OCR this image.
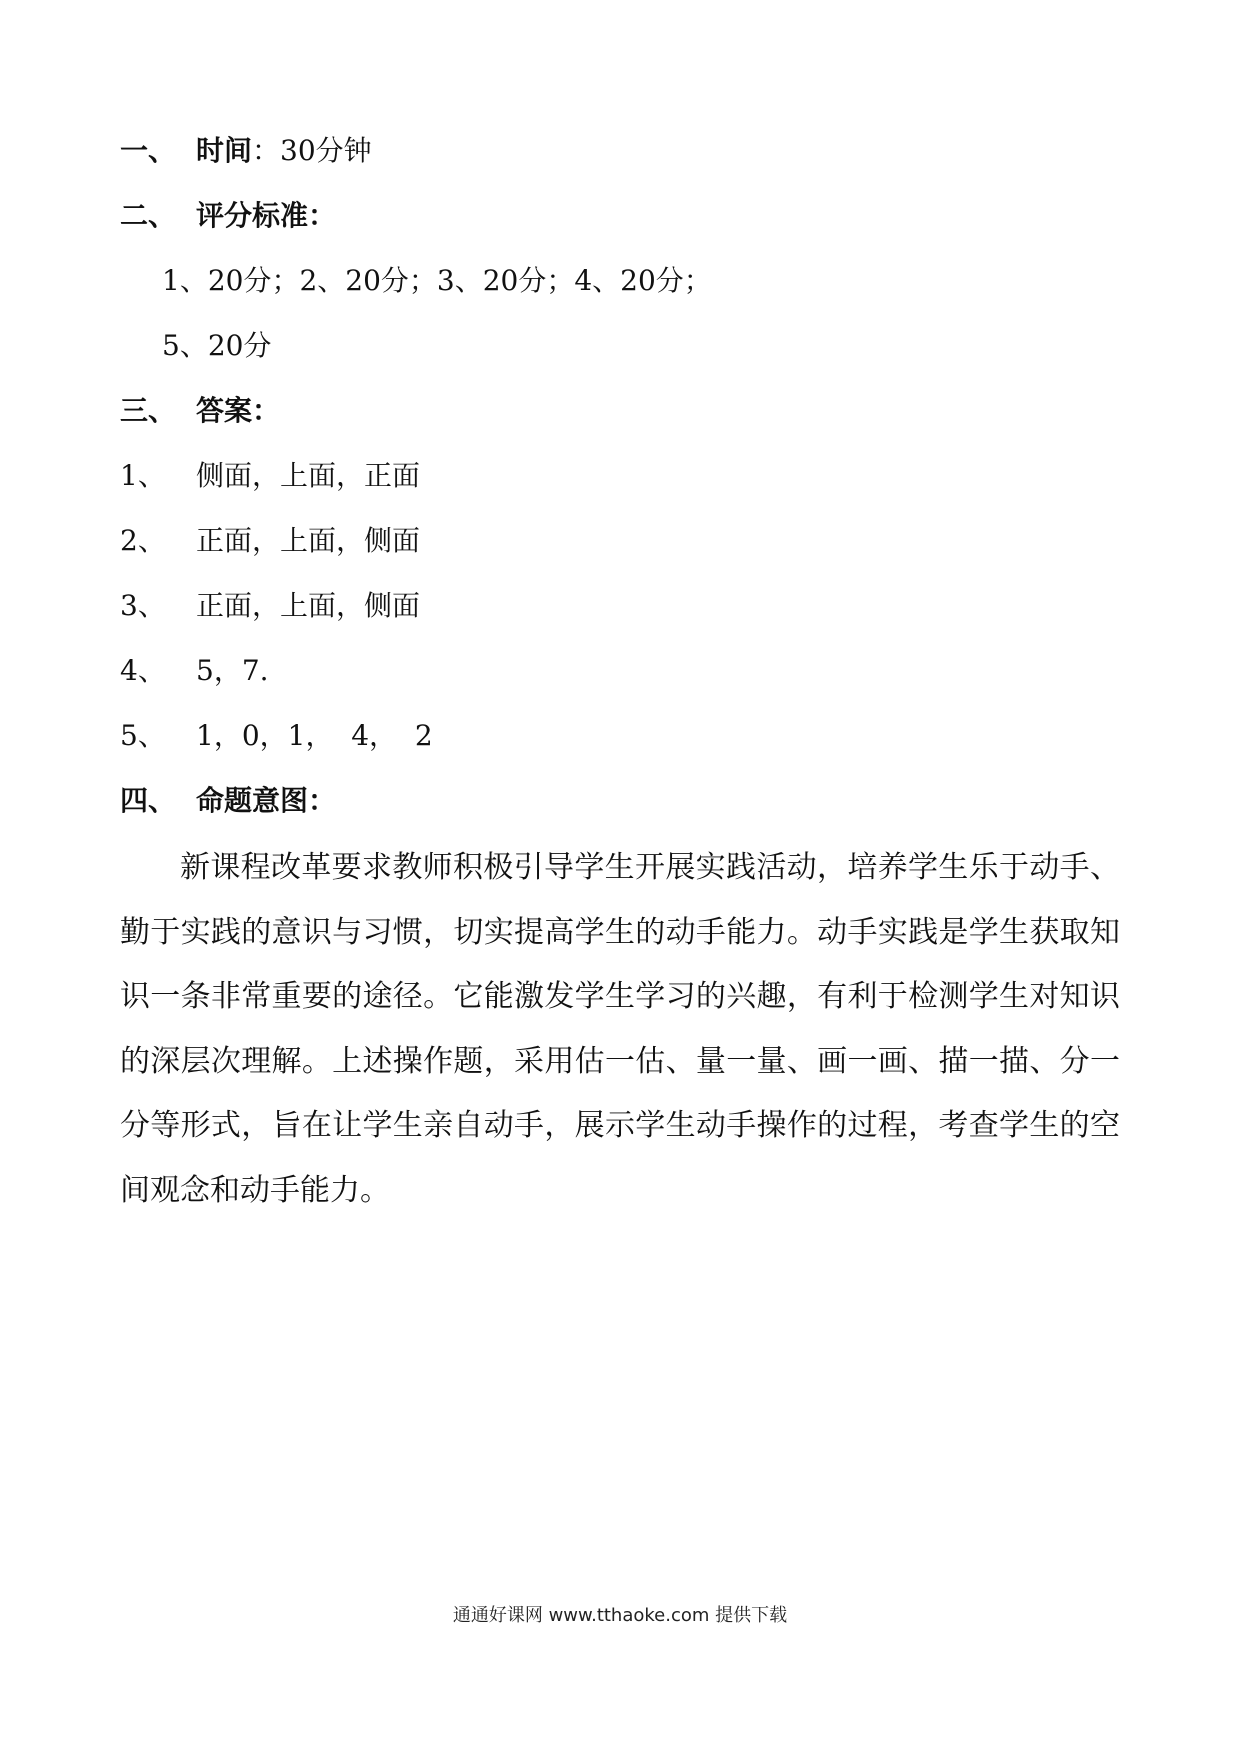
一、 时间：30分钟
二、 评分标准：
1、20分；2、20分；3、20分；4、20分；
5、20分
三、 答案：
1、 侧面，上面，正面
2、 正面，上面，侧面
3、 正面，上面，侧面
4、 5，7.
5、 1，0，1，  4，  2
四、 命题意图：

新课程改革要求教师积极引导学生开展实践活动，培养学生乐于动手、勤于实践的意识与习惯，切实提高学生的动手能力。动手实践是学生获取知识一条非常重要的途径。它能激发学生学习的兴趣，有利于检测学生对知识的深层次理解。上述操作题，采用估一估、量一量、画一画、描一描、分一分等形式，旨在让学生亲自动手，展示学生动手操作的过程，考查学生的空间观念和动手能力。

通通好课网 www.tthaoke.com 提供下载
